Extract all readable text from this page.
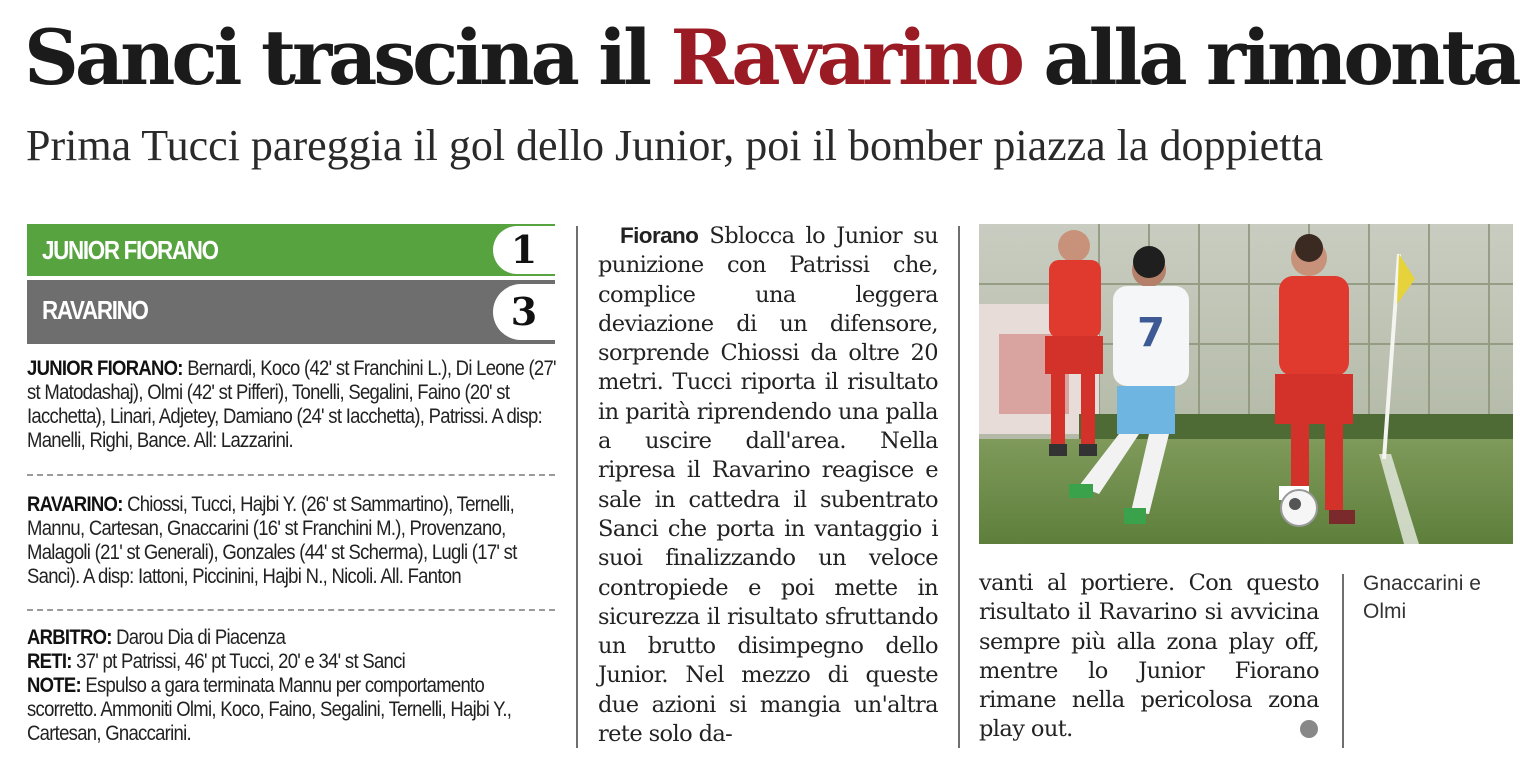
Sanci trascina il Ravarino alla rimonta
Prima Tucci pareggia il gol dello Junior, poi il bomber piazza la doppietta
JUNIOR FIORANO	1
RAVARINO	3
JUNIOR FIORANO: Bernardi, Koco (42' st Franchini L.), Di Leone (27' st Matodashaj), Olmi (42' st Pifferi), Tonelli, Segalini, Faino (20' st Iacchetta), Linari, Adjetey, Damiano (24' st Iacchetta), Patrissi. A disp: Manelli, Righi, Bance. All: Lazzarini.
RAVARINO: Chiossi, Tucci, Hajbi Y. (26' st Sammartino), Ternelli, Mannu, Cartesan, Gnaccarini (16' st Franchini M.), Provenzano, Malagoli (21' st Generali), Gonzales (44' st Scherma), Lugli (17' st Sanci). A disp: Iattoni, Piccinini, Hajbi N., Nicoli. All. Fanton
ARBITRO: Darou Dia di Piacenza
RETI: 37' pt Patrissi, 46' pt Tucci, 20' e 34' st Sanci
NOTE: Espulso a gara terminata Mannu per comportamento scorretto. Ammoniti Olmi, Koco, Faino, Segalini, Ternelli, Hajbi Y., Cartesan, Gnaccarini.
Fiorano Sblocca lo Junior su punizione con Patrissi che, complice una leggera deviazione di un difensore, sorprende Chiossi da oltre 20 metri. Tucci riporta il risultato in parità riprendendo una palla a uscire dall'area. Nella ripresa il Ravarino reagisce e sale in cattedra il subentrato Sanci che porta in vantaggio i suoi finalizzando un veloce contropiede e poi mette in sicurezza il risultato sfruttando un brutto disimpegno dello Junior. Nel mezzo di queste due azioni si mangia un'altra rete solo da-
vanti al portiere. Con questo risultato il Ravarino si avvicina sempre più alla zona play off, mentre lo Junior Fiorano rimane nella pericolosa zona play out.
7
Gnaccarini e Olmi
